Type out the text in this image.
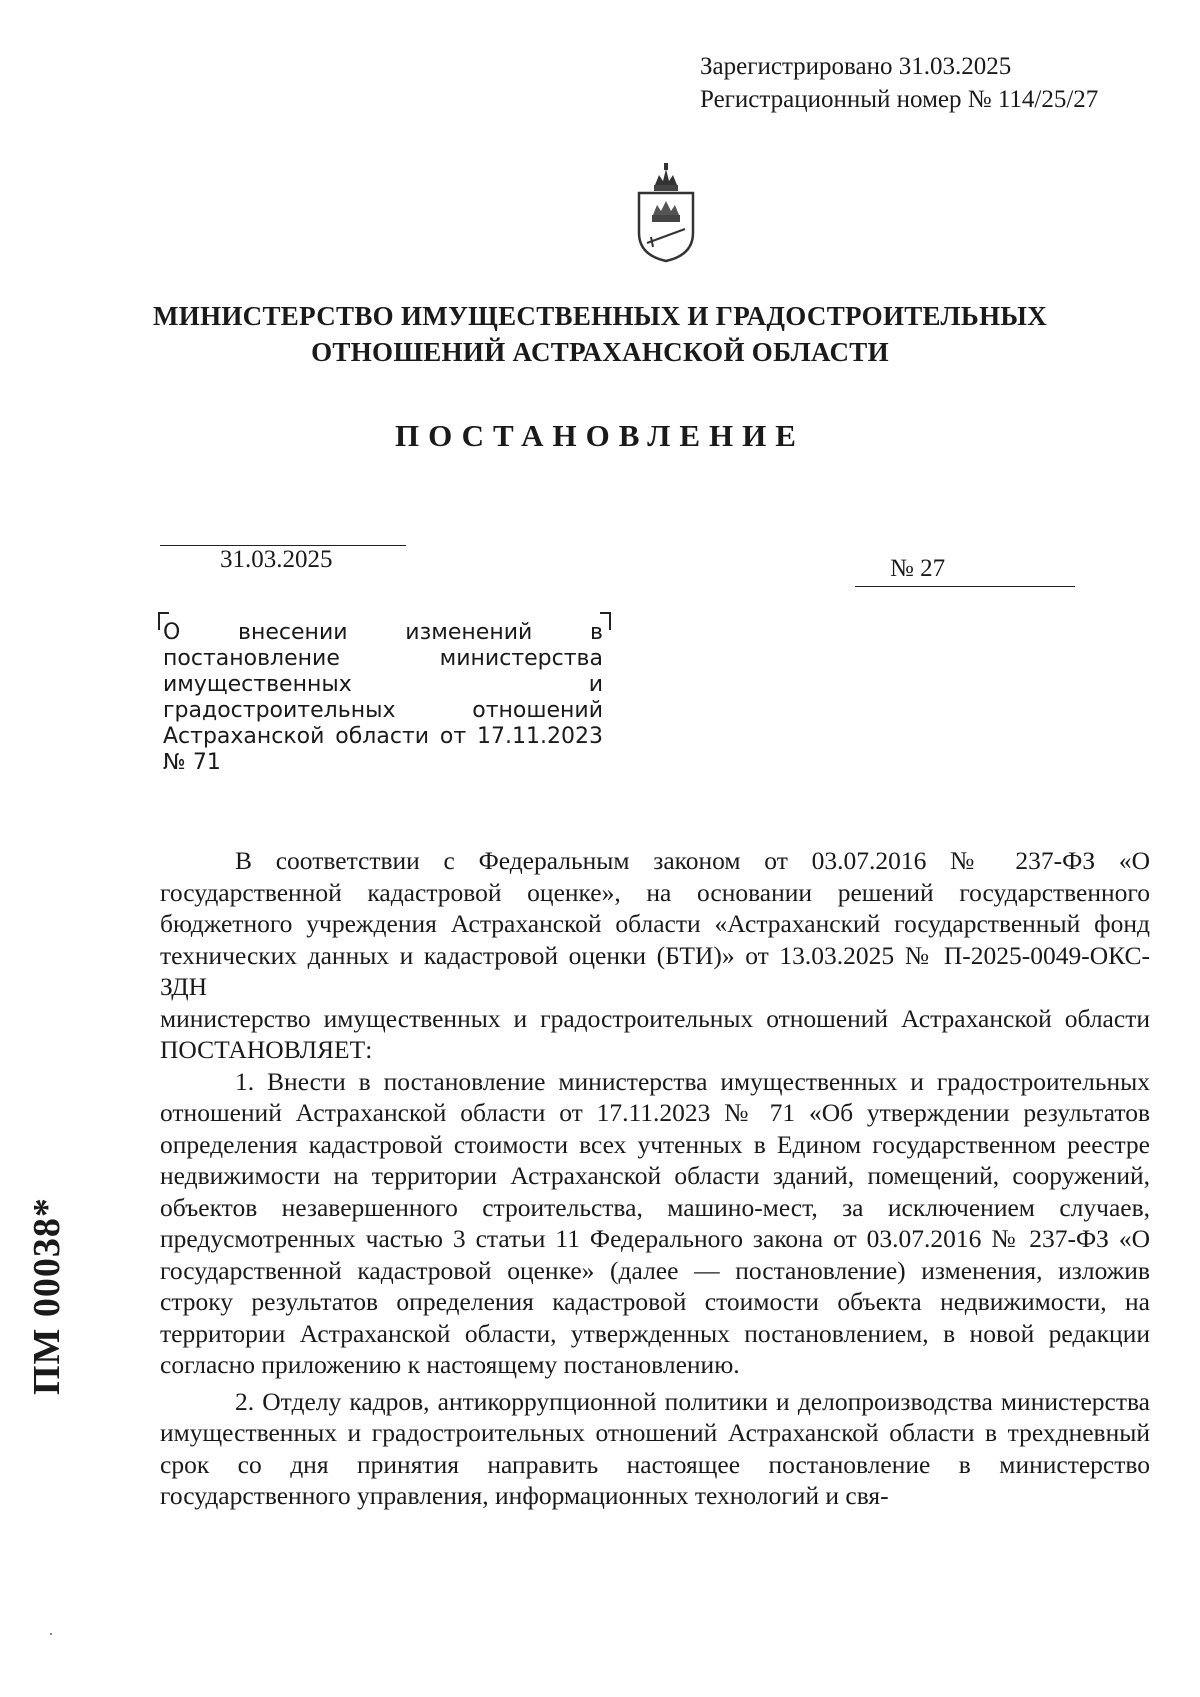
Зарегистрировано 31.03.2025
Регистрационный номер № 114/25/27
МИНИСТЕРСТВО ИМУЩЕСТВЕННЫХ И ГРАДОСТРОИТЕЛЬНЫХ
ОТНОШЕНИЙ АСТРАХАНСКОЙ ОБЛАСТИ
ПОСТАНОВЛЕНИЕ
31.03.2025	№ 27

О внесении изменений в постановление министерства имущественных и градостроительных отношений Астраханской области от 17.11.2023 № 71

В соответствии с Федеральным законом от 03.07.2016 № 237-ФЗ «О государственной кадастровой оценке», на основании решений государственного бюджетного учреждения Астраханской области «Астраханский государственный фонд технических данных и кадастровой оценки (БТИ)» от 13.03.2025 № П-2025-0049-ОКС-ЗДН

министерство имущественных и градостроительных отношений Астраханской области ПОСТАНОВЛЯЕТ:

1. Внести в постановление министерства имущественных и градостроительных отношений Астраханской области от 17.11.2023 № 71 «Об утверждении результатов определения кадастровой стоимости всех учтенных в Едином государственном реестре недвижимости на территории Астраханской области зданий, помещений, сооружений, объектов незавершенного строительства, машино-мест, за исключением случаев, предусмотренных частью 3 статьи 11 Федерального закона от 03.07.2016 № 237-ФЗ «О государственной кадастровой оценке» (далее — постановление) изменения, изложив строку результатов определения кадастровой стоимости объекта недвижимости, на территории Астраханской области, утвержденных постановлением, в новой редакции согласно приложению к настоящему постановлению.

2. Отделу кадров, антикоррупционной политики и делопроизводства министерства имущественных и градостроительных отношений Астраханской области в трехдневный срок со дня принятия направить настоящее постановление в министерство государственного управления, информационных технологий и свя-

ПМ 00038*
